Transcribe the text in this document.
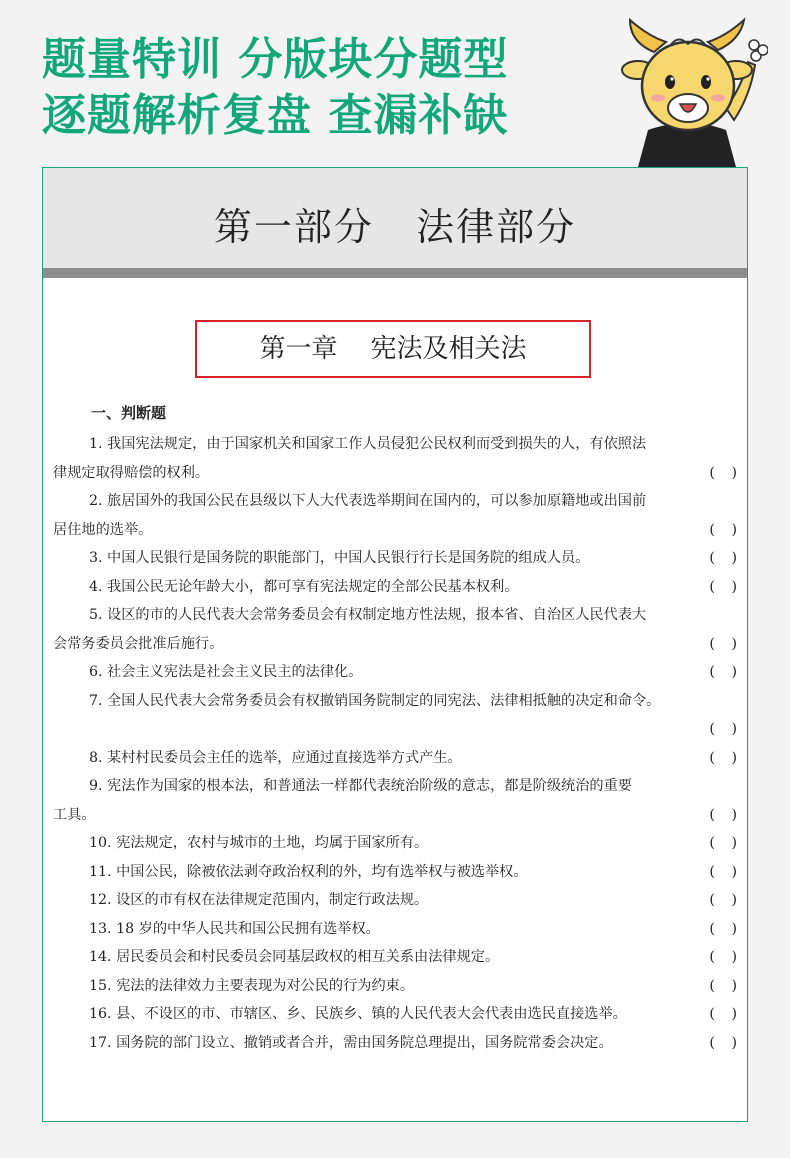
题量特训 分版块分题型
逐题解析复盘 查漏补缺
第一部分   法律部分
第一章    宪法及相关法
一、判断题
1. 我国宪法规定，由于国家机关和国家工作人员侵犯公民权利而受到损失的人，有依照法
律规定取得赔偿的权利。	( )
2. 旅居国外的我国公民在县级以下人大代表选举期间在国内的，可以参加原籍地或出国前
居住地的选举。	( )
3. 中国人民银行是国务院的职能部门，中国人民银行行长是国务院的组成人员。	( )
4. 我国公民无论年龄大小，都可享有宪法规定的全部公民基本权利。	( )
5. 设区的市的人民代表大会常务委员会有权制定地方性法规，报本省、自治区人民代表大
会常务委员会批准后施行。	( )
6. 社会主义宪法是社会主义民主的法律化。	( )
7. 全国人民代表大会常务委员会有权撤销国务院制定的同宪法、法律相抵触的决定和命令。
( )
8. 某村村民委员会主任的选举，应通过直接选举方式产生。	( )
9. 宪法作为国家的根本法，和普通法一样都代表统治阶级的意志，都是阶级统治的重要
工具。	( )
10. 宪法规定，农村与城市的土地，均属于国家所有。	( )
11. 中国公民，除被依法剥夺政治权利的外，均有选举权与被选举权。	( )
12. 设区的市有权在法律规定范围内，制定行政法规。	( )
13. 18 岁的中华人民共和国公民拥有选举权。	( )
14. 居民委员会和村民委员会同基层政权的相互关系由法律规定。	( )
15. 宪法的法律效力主要表现为对公民的行为约束。	( )
16. 县、不设区的市、市辖区、乡、民族乡、镇的人民代表大会代表由选民直接选举。	( )
17. 国务院的部门设立、撤销或者合并，需由国务院总理提出，国务院常委会决定。	( )
